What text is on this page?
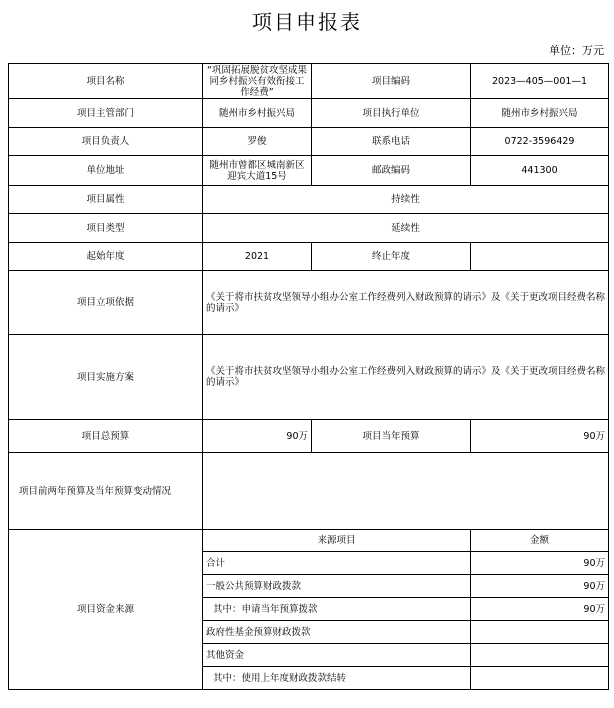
项目申报表
单位：万元
项目名称	“巩固拓展脱贫攻坚成果同乡村振兴有效衔接工作经费”	项目编码	2023—405—001—1
项目主管部门	随州市乡村振兴局	项目执行单位	随州市乡村振兴局
项目负责人	罗俊	联系电话	0722-3596429
单位地址	随州市曾都区城南新区迎宾大道15号	邮政编码	441300
项目属性	持续性		
项目类型	延续性		
起始年度	2021	终止年度	
项目立项依据	《关于将市扶贫攻坚领导小组办公室工作经费列入财政预算的请示》及《关于更改项目经费名称的请示》		
项目实施方案	《关于将市扶贫攻坚领导小组办公室工作经费列入财政预算的请示》及《关于更改项目经费名称的请示》		
项目总预算	90万	项目当年预算	90万
项目前两年预算及当年预算变动情况			
项目资金来源	来源项目		金额
	合计		90万
	一般公共预算财政拨款		90万
	其中：申请当年预算拨款		90万
	政府性基金预算财政拨款		
	其他资金		
	其中：使用上年度财政拨款结转		
